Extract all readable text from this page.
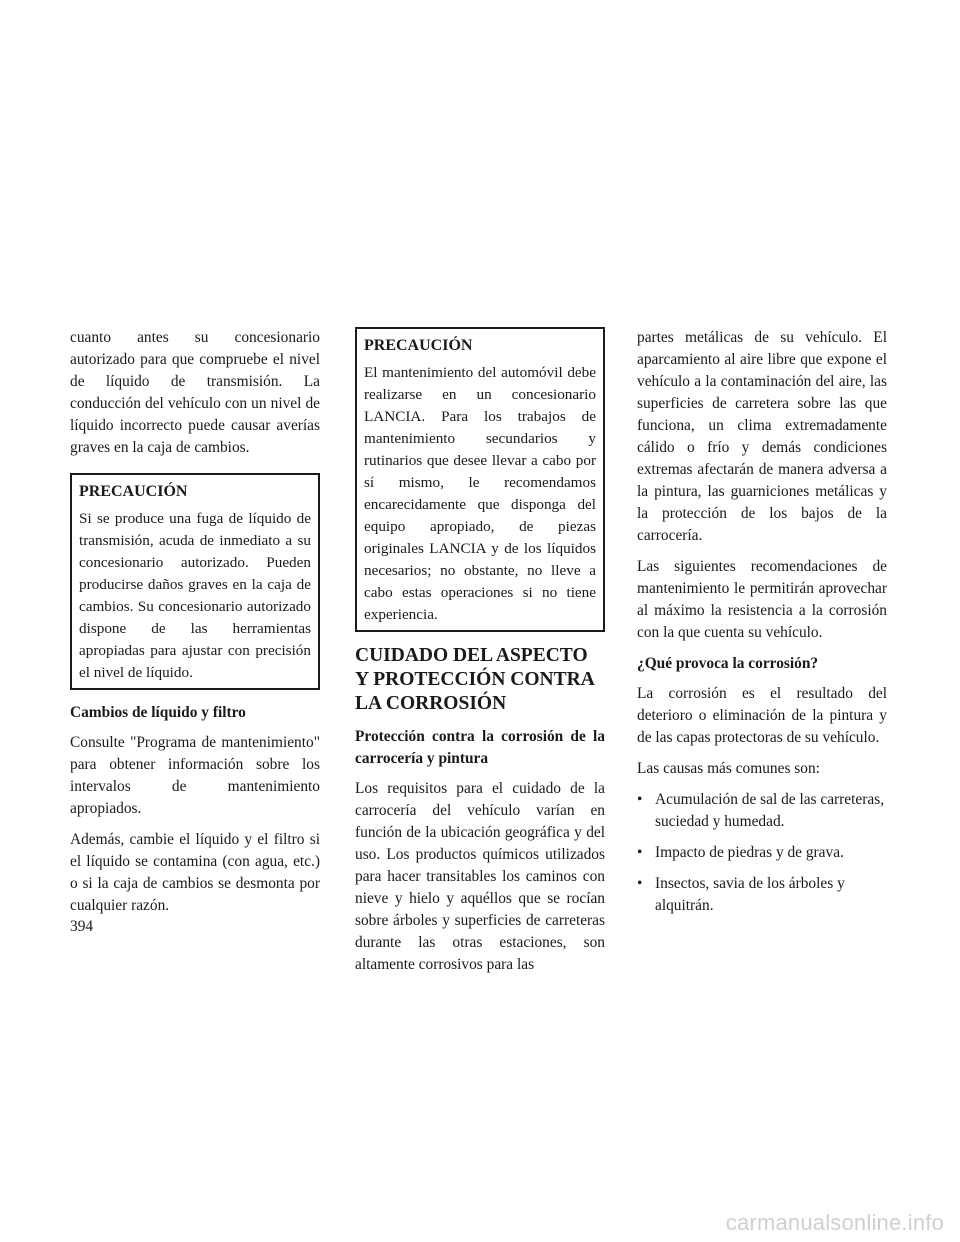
cuanto antes su concesionario autorizado para que compruebe el nivel de líquido de transmisión. La conducción del vehículo con un nivel de líquido incorrecto puede causar averías graves en la caja de cambios.

PRECAUCIÓN

Si se produce una fuga de líquido de transmisión, acuda de inmediato a su concesionario autorizado. Pueden producirse daños graves en la caja de cambios. Su concesionario autorizado dispone de las herramientas apropiadas para ajustar con precisión el nivel de líquido.

Cambios de líquido y filtro

Consulte "Programa de mantenimiento" para obtener información sobre los intervalos de mantenimiento apropiados.

Además, cambie el líquido y el filtro si el líquido se contamina (con agua, etc.) o si la caja de cambios se desmonta por cualquier razón.

PRECAUCIÓN

El mantenimiento del automóvil debe realizarse en un concesionario LANCIA. Para los trabajos de mantenimiento secundarios y rutinarios que desee llevar a cabo por sí mismo, le recomendamos encarecidamente que disponga del equipo apropiado, de piezas originales LANCIA y de los líquidos necesarios; no obstante, no lleve a cabo estas operaciones si no tiene experiencia.

CUIDADO DEL ASPECTO Y PROTECCIÓN CONTRA LA CORROSIÓN

Protección contra la corrosión de la carrocería y pintura

Los requisitos para el cuidado de la carrocería del vehículo varían en función de la ubicación geográfica y del uso. Los productos químicos utilizados para hacer transitables los caminos con nieve y hielo y aquéllos que se rocían sobre árboles y superficies de carreteras durante las otras estaciones, son altamente corrosivos para las

partes metálicas de su vehículo. El aparcamiento al aire libre que expone el vehículo a la contaminación del aire, las superficies de carretera sobre las que funciona, un clima extremadamente cálido o frío y demás condiciones extremas afectarán de manera adversa a la pintura, las guarniciones metálicas y la protección de los bajos de la carrocería.

Las siguientes recomendaciones de mantenimiento le permitirán aprovechar al máximo la resistencia a la corrosión con la que cuenta su vehículo.

¿Qué provoca la corrosión?

La corrosión es el resultado del deterioro o eliminación de la pintura y de las capas protectoras de su vehículo.

Las causas más comunes son:

• Acumulación de sal de las carreteras, suciedad y humedad.
• Impacto de piedras y de grava.
• Insectos, savia de los árboles y alquitrán.
394
carmanualsonline.info
